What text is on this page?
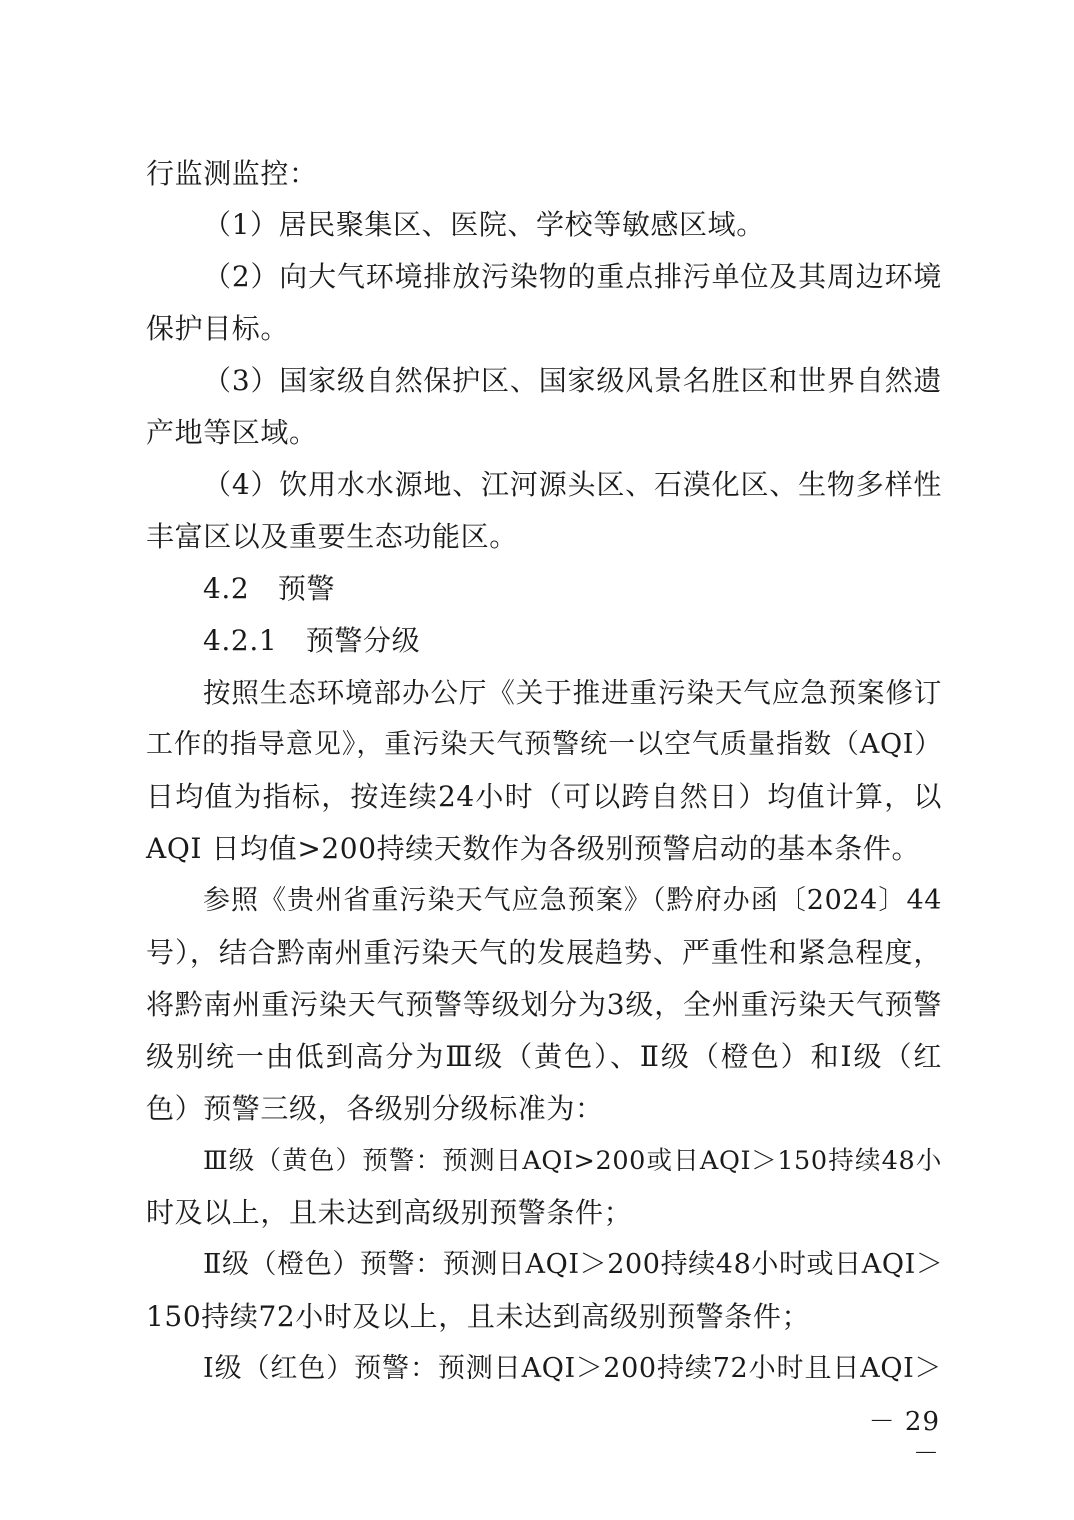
行监测监控：
（1）居民聚集区、医院、学校等敏感区域。
（2）向大气环境排放污染物的重点排污单位及其周边环境
保护目标。
（3）国家级自然保护区、国家级风景名胜区和世界自然遗
产地等区域。
（4）饮用水水源地、江河源头区、石漠化区、生物多样性
丰富区以及重要生态功能区。
4.2　预警
4.2.1　预警分级
按照生态环境部办公厅《关于推进重污染天气应急预案修订
工作的指导意见》，重污染天气预警统一以空气质量指数（AQI）
日均值为指标，按连续24小时（可以跨自然日）均值计算，以
AQI 日均值>200持续天数作为各级别预警启动的基本条件。
参照《贵州省重污染天气应急预案》（黔府办函〔2024〕44
号），结合黔南州重污染天气的发展趋势、严重性和紧急程度，
将黔南州重污染天气预警等级划分为3级，全州重污染天气预警
级别统一由低到高分为Ⅲ级（黄色）、Ⅱ级（橙色）和Ⅰ级（红
色）预警三级，各级别分级标准为：
Ⅲ级（黄色）预警：预测日AQI>200或日AQI＞150持续48小
时及以上，且未达到高级别预警条件；
Ⅱ级（橙色）预警：预测日AQI＞200持续48小时或日AQI＞
150持续72小时及以上，且未达到高级别预警条件；
Ⅰ级（红色）预警：预测日AQI＞200持续72小时且日AQI＞
－ 29 －
